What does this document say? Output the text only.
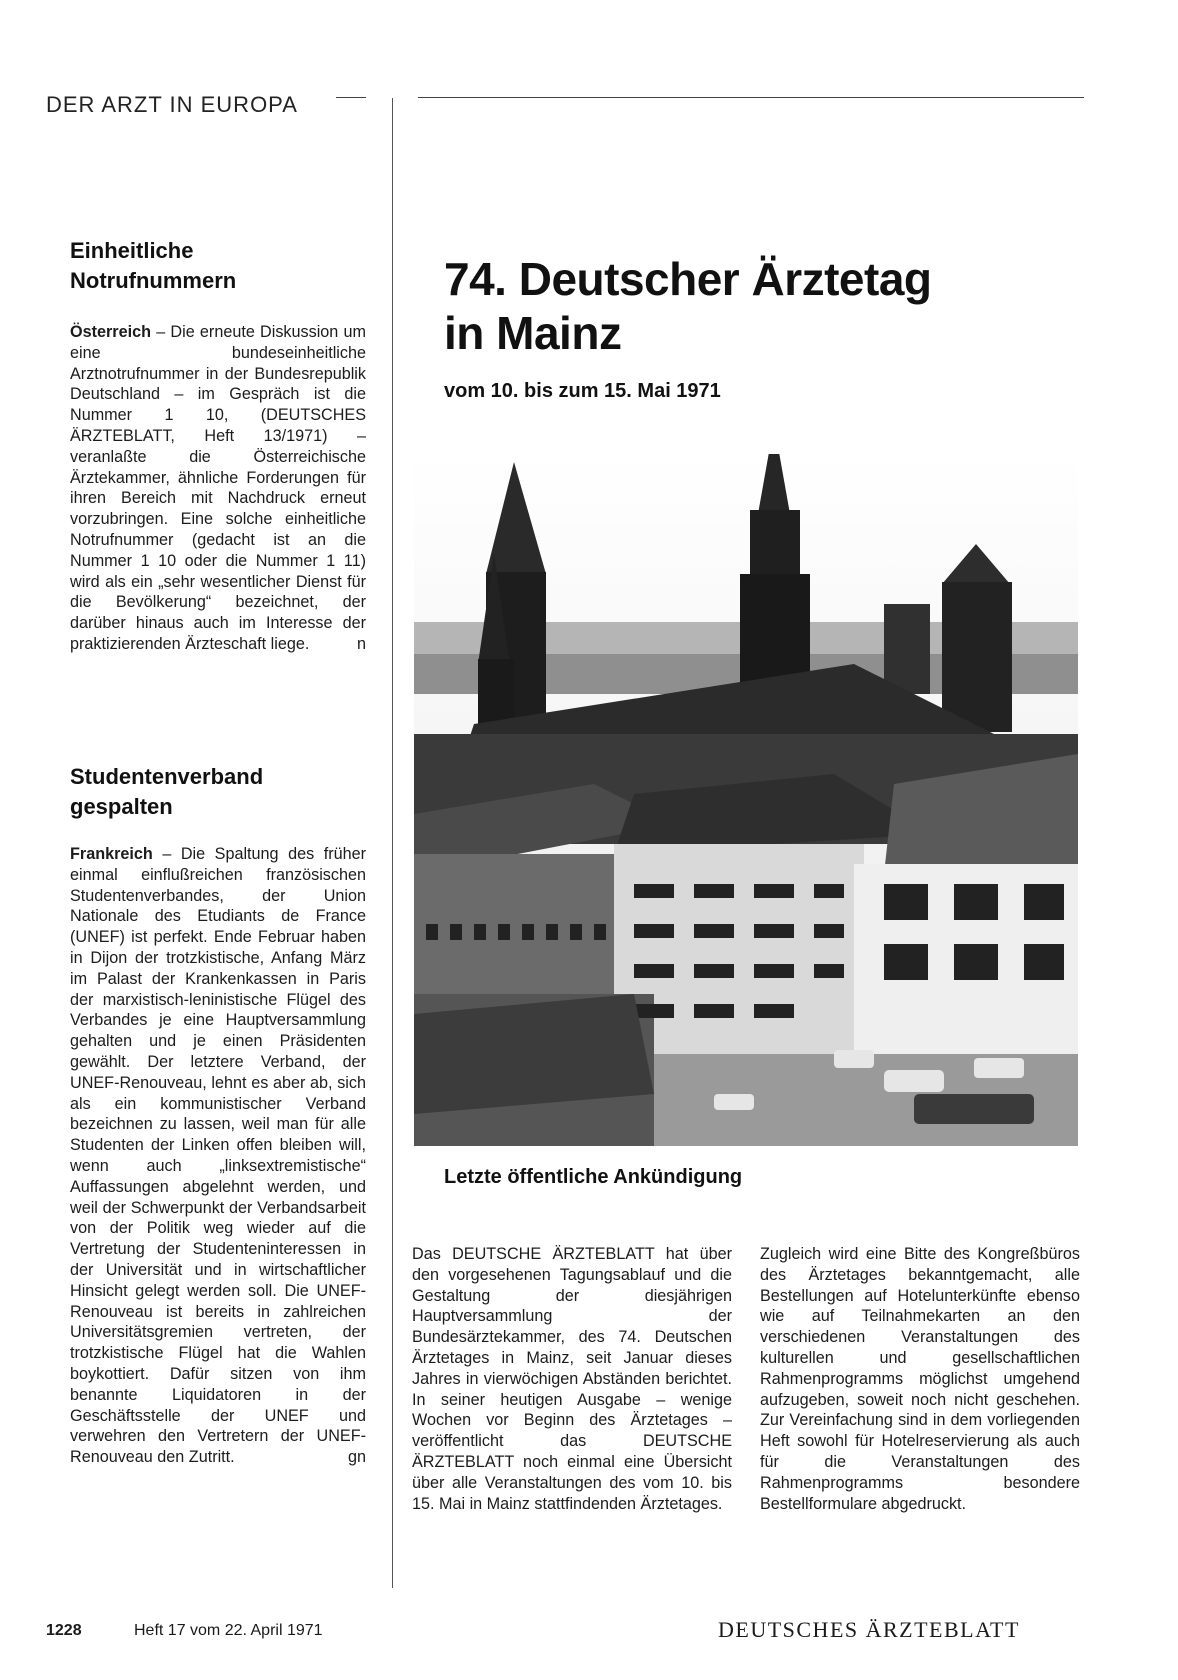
DER ARZT IN EUROPA
Einheitliche
Notrufnummern
Österreich – Die erneute Diskussion um eine bundeseinheitliche Arztnotrufnummer in der Bundesrepublik Deutschland – im Gespräch ist die Nummer 1 10, (DEUTSCHES ÄRZTEBLATT, Heft 13/1971) – veranlaßte die Österreichische Ärztekammer, ähnliche Forderungen für ihren Bereich mit Nachdruck erneut vorzubringen. Eine solche einheitliche Notrufnummer (gedacht ist an die Nummer 1 10 oder die Nummer 1 11) wird als ein „sehr wesentlicher Dienst für die Bevölkerung“ bezeichnet, der darüber hinaus auch im Interesse der praktizierenden Ärzteschaft liege.	n
Studentenverband
gespalten
Frankreich – Die Spaltung des früher einmal einflußreichen französischen Studentenverbandes, der Union Nationale des Etudiants de France (UNEF) ist perfekt. Ende Februar haben in Dijon der trotzkistische, Anfang März im Palast der Krankenkassen in Paris der marxistisch-leninistische Flügel des Verbandes je eine Hauptversammlung gehalten und je einen Präsidenten gewählt. Der letztere Verband, der UNEF-Renouveau, lehnt es aber ab, sich als ein kommunistischer Verband bezeichnen zu lassen, weil man für alle Studenten der Linken offen bleiben will, wenn auch „linksextremistische“ Auffassungen abgelehnt werden, und weil der Schwerpunkt der Verbandsarbeit von der Politik weg wieder auf die Vertretung der Studenteninteressen in der Universität und in wirtschaftlicher Hinsicht gelegt werden soll. Die UNEF-Renouveau ist bereits in zahlreichen Universitätsgremien vertreten, der trotzkistische Flügel hat die Wahlen boykottiert. Dafür sitzen von ihm benannte Liquidatoren in der Geschäftsstelle der UNEF und verwehren den Vertretern der UNEF-Renouveau den Zutritt.	gn
74. Deutscher Ärztetag
in Mainz
vom 10. bis zum 15. Mai 1971
Letzte öffentliche Ankündigung
Das DEUTSCHE ÄRZTEBLATT hat über den vorgesehenen Tagungsablauf und die Gestaltung der diesjährigen Hauptversammlung der Bundesärztekammer, des 74. Deutschen Ärztetages in Mainz, seit Januar dieses Jahres in vierwöchigen Abständen berichtet. In seiner heutigen Ausgabe – wenige Wochen vor Beginn des Ärztetages – veröffentlicht das DEUTSCHE ÄRZTEBLATT noch einmal eine Übersicht über alle Veranstaltungen des vom 10. bis 15. Mai in Mainz stattfindenden Ärztetages.
Zugleich wird eine Bitte des Kongreßbüros des Ärztetages bekanntgemacht, alle Bestellungen auf Hotelunterkünfte ebenso wie auf Teilnahmekarten an den verschiedenen Veranstaltungen des kulturellen und gesellschaftlichen Rahmenprogramms möglichst umgehend aufzugeben, soweit noch nicht geschehen. Zur Vereinfachung sind in dem vorliegenden Heft sowohl für Hotelreservierung als auch für die Veranstaltungen des Rahmenprogramms besondere Bestellformulare abgedruckt.
1228	Heft 17 vom 22. April 1971	DEUTSCHES ÄRZTEBLATT
